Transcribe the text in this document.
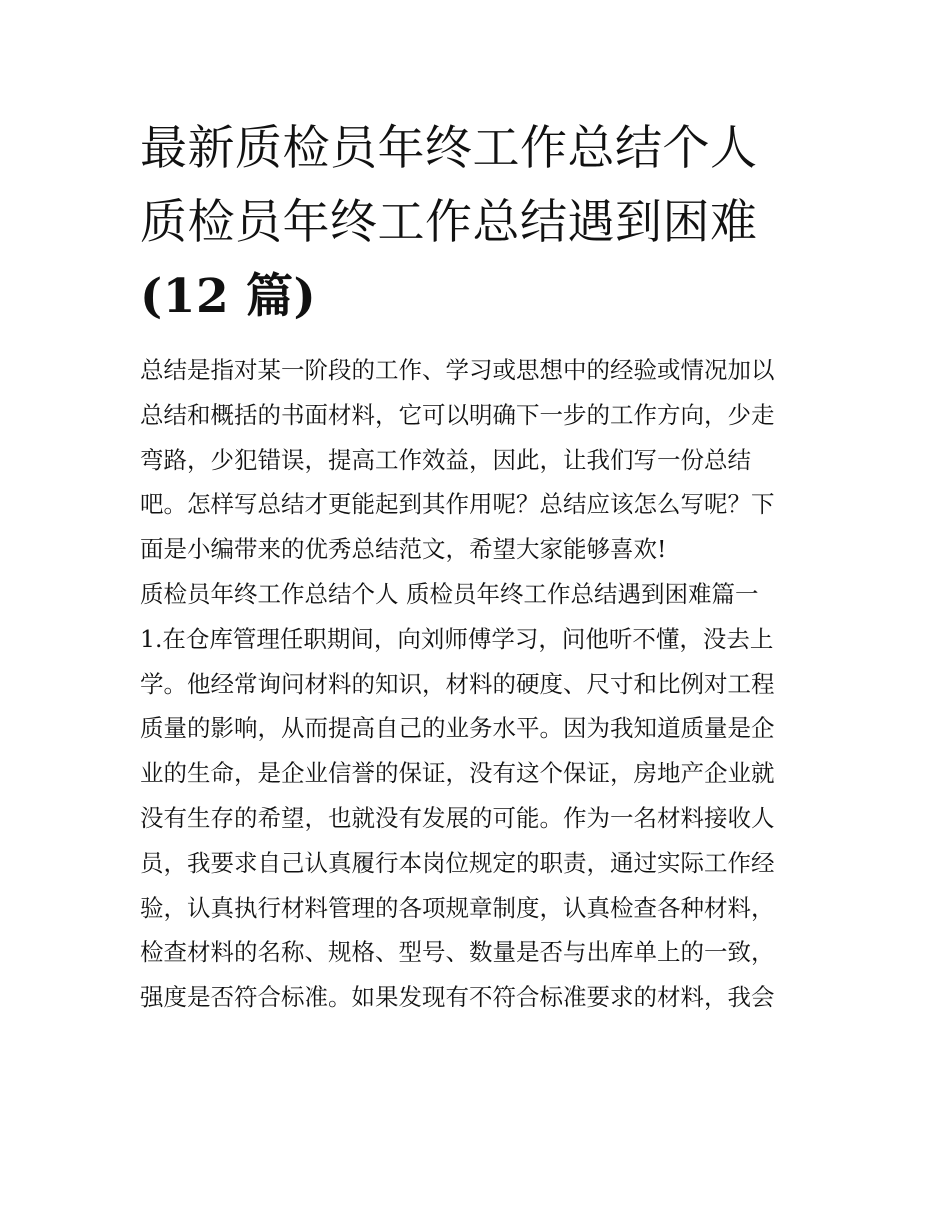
最新质检员年终工作总结个人
质检员年终工作总结遇到困难
(12 篇)
总结是指对某一阶段的工作、学习或思想中的经验或情况加以
总结和概括的书面材料，它可以明确下一步的工作方向，少走
弯路，少犯错误，提高工作效益，因此，让我们写一份总结
吧。怎样写总结才更能起到其作用呢？总结应该怎么写呢？下
面是小编带来的优秀总结范文，希望大家能够喜欢!
质检员年终工作总结个人 质检员年终工作总结遇到困难篇一
1.在仓库管理任职期间，向刘师傅学习，问他听不懂，没去上
学。他经常询问材料的知识，材料的硬度、尺寸和比例对工程
质量的影响，从而提高自己的业务水平。因为我知道质量是企
业的生命，是企业信誉的保证，没有这个保证，房地产企业就
没有生存的希望，也就没有发展的可能。作为一名材料接收人
员，我要求自己认真履行本岗位规定的职责，通过实际工作经
验，认真执行材料管理的各项规章制度，认真检查各种材料，
检查材料的名称、规格、型号、数量是否与出库单上的一致，
强度是否符合标准。如果发现有不符合标准要求的材料，我会
